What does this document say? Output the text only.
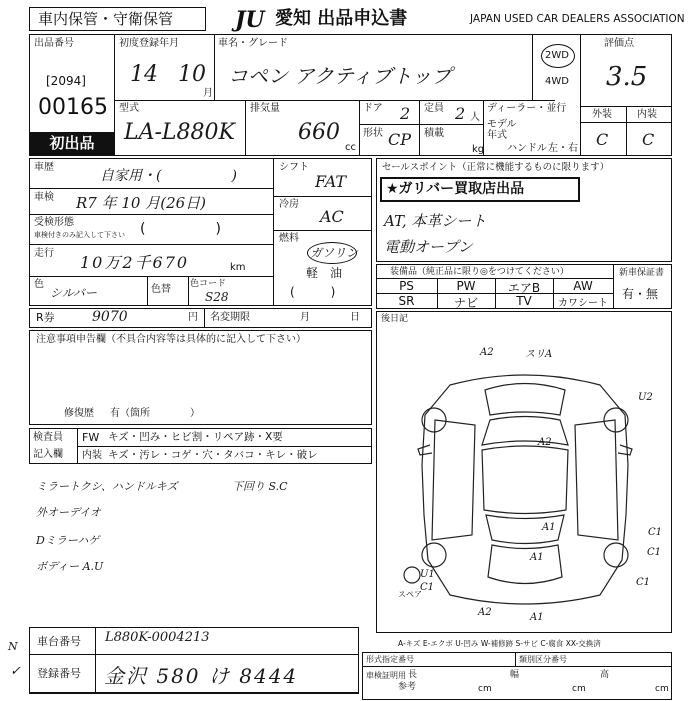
車内保管・守衛保管	JU 愛知 出品申込書	JAPAN USED CAR DEALERS ASSOCIATION
出品番号
[2094]
00165
初出品
初度登録年月
14 10
月
車名・グレード
コペン アクティブトップ
2WD
4WD
評価点
3.5
外装	内装
C C
型式
LA-L880K
排気量
660
cc
ドア 2 定員 2 人
形状 CP 積載
kg
ディーラー・並行
モデル 年式
ハンドル 左・右
車歴
自家用・(　　　　　)
車検 R7 年 10 月(26日)
受検形態
車検付きのみ記入して下さい (　　　　　)
走行 10万2千670	km
色
シルバー	色替 色コード
S28
シフト
FAT
冷房
AC
燃料
ガソリン
軽　油
(　　　)
R券	9070	円 名変期限	月	日
セールスポイント（正常に機能するものに限ります）
★ガリバー買取店出品
AT, 本革シート
電動オープン
装備品（純正品に限り◎をつけてください）
PS	PW	エアB	AW
SR	ナビ	TV	カワシート
新車保証書
有・無
注意事項申告欄（不具合内容等は具体的に記入して下さい）
修復歴 有（箇所　　　　）
後日記
A2	スリA
U2
C1
A2
A1
C1
A1
U1
C1	C1
A2	A1
スペア
検査員
記入欄
FW キズ・凹み・ヒビ割・リペア跡・X要
内装 キズ・汚レ・コゲ・穴・タバコ・キレ・破レ
ミラートクシ、ハンドルキズ	下回り S.C
外オーデイオ
Dミラーハゲ
ボディー A.U
車台番号 L880K-0004213
登録番号 金沢 580 け 8444
A-キズ E-エクボ U-凹み W-補修跡 S-サビ C-腐食 XX-交換済
形式指定番号	類別区分番号
車検証明用 長	幅	高
参考	cm	cm	cm
N
✓
